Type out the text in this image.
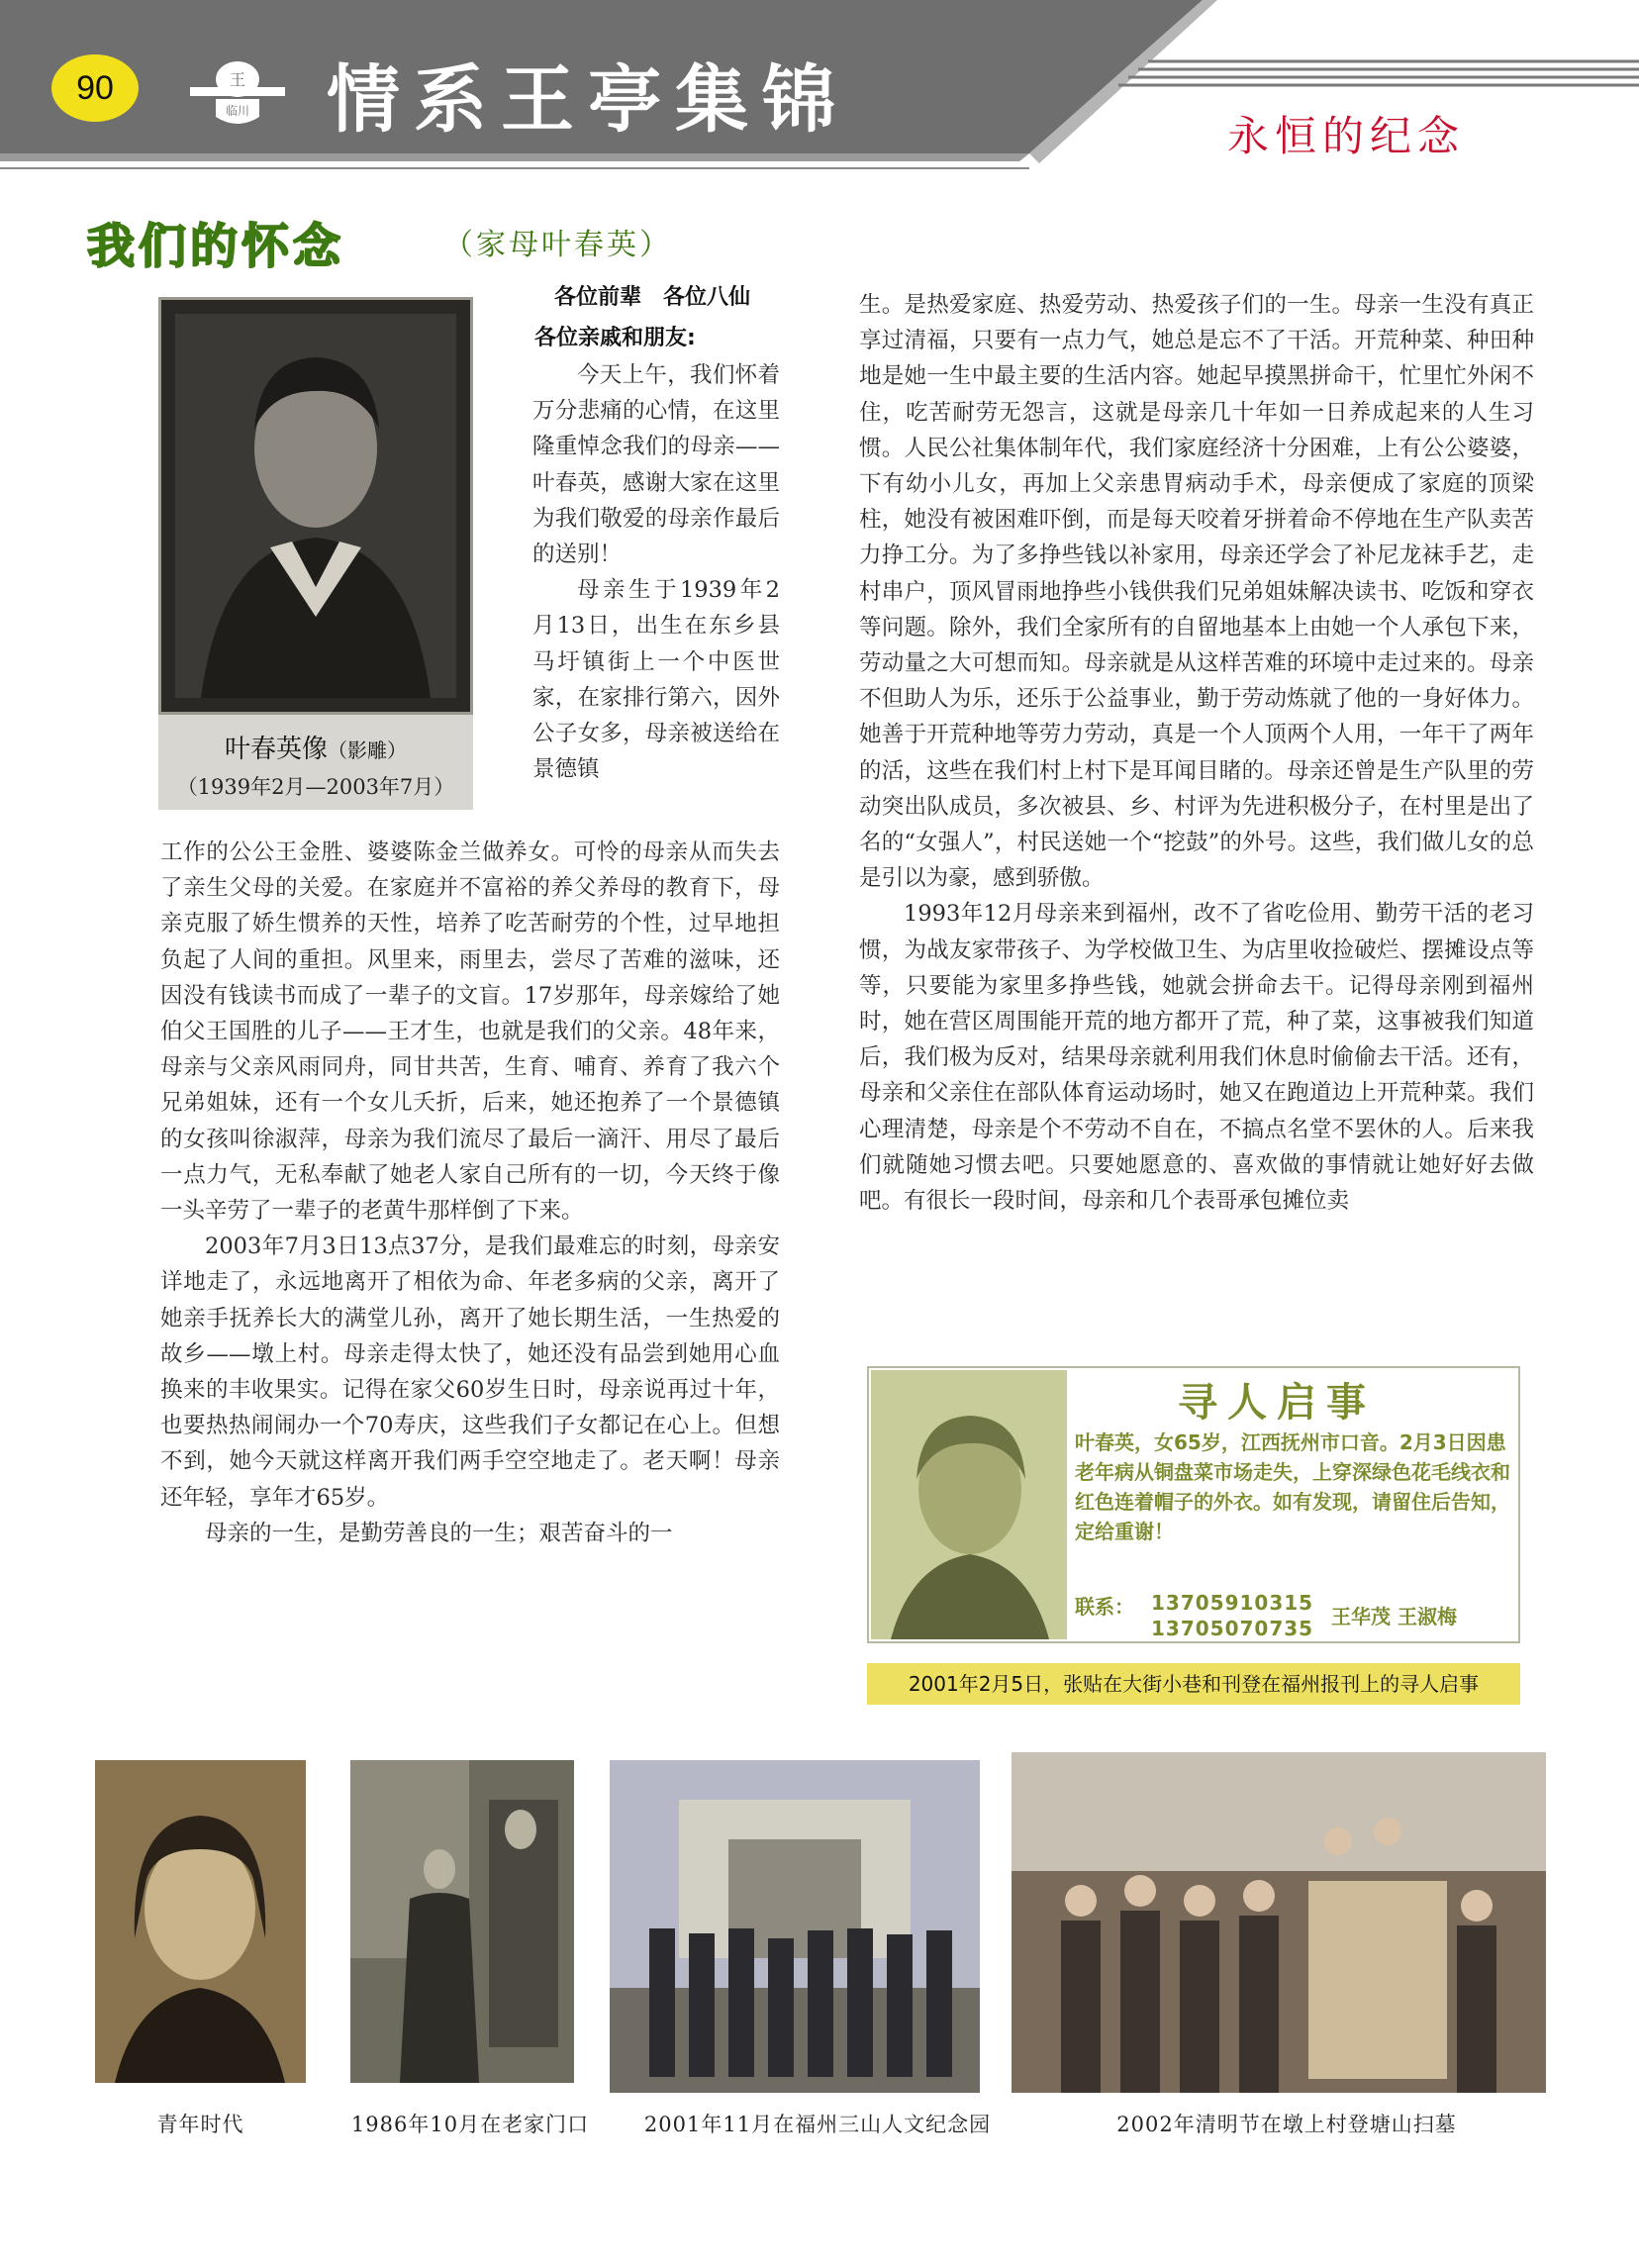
90	王
临川 情系王亭集锦	永恒的纪念
我们的怀念	（家母叶春英）
叶春英像（影雕）
（1939年2月—2003年7月）
各位前辈　各位八仙
各位亲戚和朋友:

今天上午，我们怀着万分悲痛的心情，在这里隆重悼念我们的母亲——叶春英，感谢大家在这里为我们敬爱的母亲作最后的送别！

母亲生于1939年2月13日，出生在东乡县马圩镇街上一个中医世家，在家排行第六，因外公子女多，母亲被送给在景德镇

工作的公公王金胜、婆婆陈金兰做养女。可怜的母亲从而失去了亲生父母的关爱。在家庭并不富裕的养父养母的教育下，母亲克服了娇生惯养的天性，培养了吃苦耐劳的个性，过早地担负起了人间的重担。风里来，雨里去，尝尽了苦难的滋味，还因没有钱读书而成了一辈子的文盲。17岁那年，母亲嫁给了她伯父王国胜的儿子——王才生，也就是我们的父亲。48年来，母亲与父亲风雨同舟，同甘共苦，生育、哺育、养育了我六个兄弟姐妹，还有一个女儿夭折，后来，她还抱养了一个景德镇的女孩叫徐淑萍，母亲为我们流尽了最后一滴汗、用尽了最后一点力气，无私奉献了她老人家自己所有的一切，今天终于像一头辛劳了一辈子的老黄牛那样倒了下来。

2003年7月3日13点37分，是我们最难忘的时刻，母亲安详地走了，永远地离开了相依为命、年老多病的父亲，离开了她亲手抚养长大的满堂儿孙，离开了她长期生活，一生热爱的故乡——墩上村。母亲走得太快了，她还没有品尝到她用心血换来的丰收果实。记得在家父60岁生日时，母亲说再过十年，也要热热闹闹办一个70寿庆，这些我们子女都记在心上。但想不到，她今天就这样离开我们两手空空地走了。老天啊！母亲还年轻，享年才65岁。

母亲的一生，是勤劳善良的一生；艰苦奋斗的一

生。是热爱家庭、热爱劳动、热爱孩子们的一生。母亲一生没有真正享过清福，只要有一点力气，她总是忘不了干活。开荒种菜、种田种地是她一生中最主要的生活内容。她起早摸黑拼命干，忙里忙外闲不住，吃苦耐劳无怨言，这就是母亲几十年如一日养成起来的人生习惯。人民公社集体制年代，我们家庭经济十分困难，上有公公婆婆，下有幼小儿女，再加上父亲患胃病动手术，母亲便成了家庭的顶梁柱，她没有被困难吓倒，而是每天咬着牙拼着命不停地在生产队卖苦力挣工分。为了多挣些钱以补家用，母亲还学会了补尼龙袜手艺，走村串户，顶风冒雨地挣些小钱供我们兄弟姐妹解决读书、吃饭和穿衣等问题。除外，我们全家所有的自留地基本上由她一个人承包下来，劳动量之大可想而知。母亲就是从这样苦难的环境中走过来的。母亲不但助人为乐，还乐于公益事业，勤于劳动炼就了他的一身好体力。她善于开荒种地等劳力劳动，真是一个人顶两个人用，一年干了两年的活，这些在我们村上村下是耳闻目睹的。母亲还曾是生产队里的劳动突出队成员，多次被县、乡、村评为先进积极分子，在村里是出了名的“女强人”，村民送她一个“挖鼓”的外号。这些，我们做儿女的总是引以为豪，感到骄傲。

1993年12月母亲来到福州，改不了省吃俭用、勤劳干活的老习惯，为战友家带孩子、为学校做卫生、为店里收捡破烂、摆摊设点等等，只要能为家里多挣些钱，她就会拼命去干。记得母亲刚到福州时，她在营区周围能开荒的地方都开了荒，种了菜，这事被我们知道后，我们极为反对，结果母亲就利用我们休息时偷偷去干活。还有，母亲和父亲住在部队体育运动场时，她又在跑道边上开荒种菜。我们心理清楚，母亲是个不劳动不自在，不搞点名堂不罢休的人。后来我们就随她习惯去吧。只要她愿意的、喜欢做的事情就让她好好去做吧。有很长一段时间，母亲和几个表哥承包摊位卖

寻人启事
叶春英，女65岁，江西抚州市口音。2月3日因患老年病从铜盘菜市场走失，上穿深绿色花毛线衣和红色连着帽子的外衣。如有发现，请留住后告知，定给重谢！
联系： 13705910315
13705070735 王华茂 王淑梅
2001年2月5日，张贴在大街小巷和刊登在福州报刊上的寻人启事
青年时代	1986年10月在老家门口	2001年11月在福州三山人文纪念园	2002年清明节在墩上村登塘山扫墓
